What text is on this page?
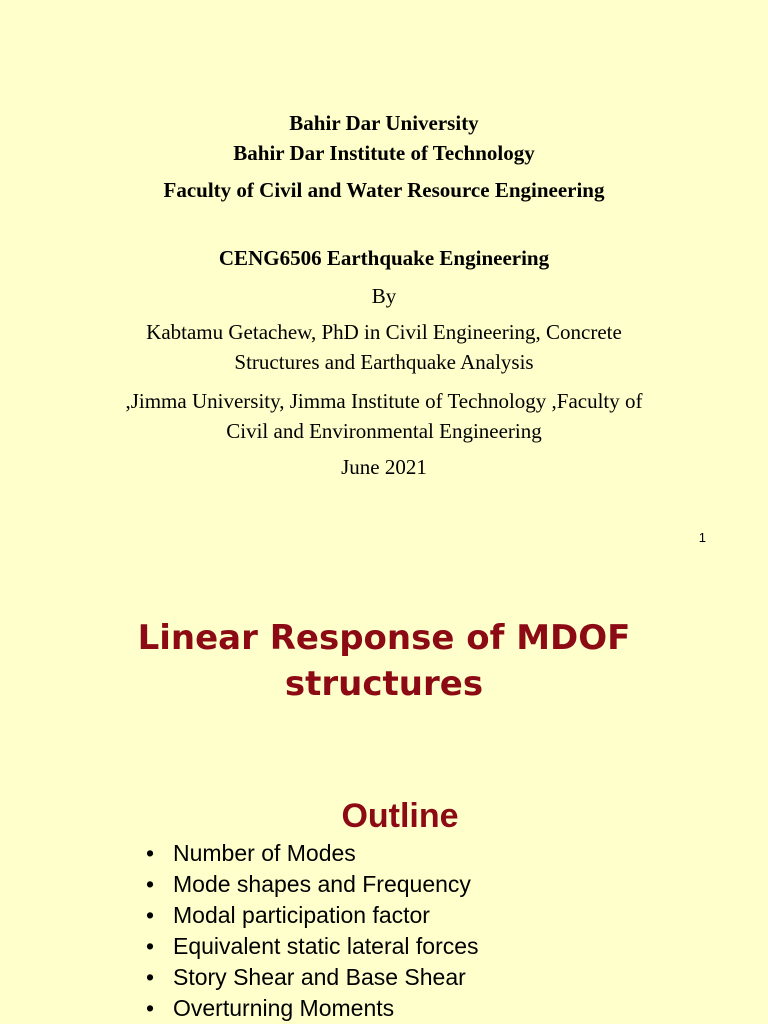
Bahir Dar University
Bahir Dar Institute of Technology
Faculty of Civil and Water Resource Engineering
CENG6506 Earthquake Engineering
By
Kabtamu Getachew, PhD in Civil Engineering, Concrete
Structures and Earthquake Analysis
,Jimma University, Jimma Institute of Technology ,Faculty of
Civil and Environmental Engineering
June 2021
1
Linear Response of MDOF
structures
Outline
• Number of Modes
• Mode shapes and Frequency
• Modal participation factor
• Equivalent static lateral forces
• Story Shear and Base Shear
• Overturning Moments
